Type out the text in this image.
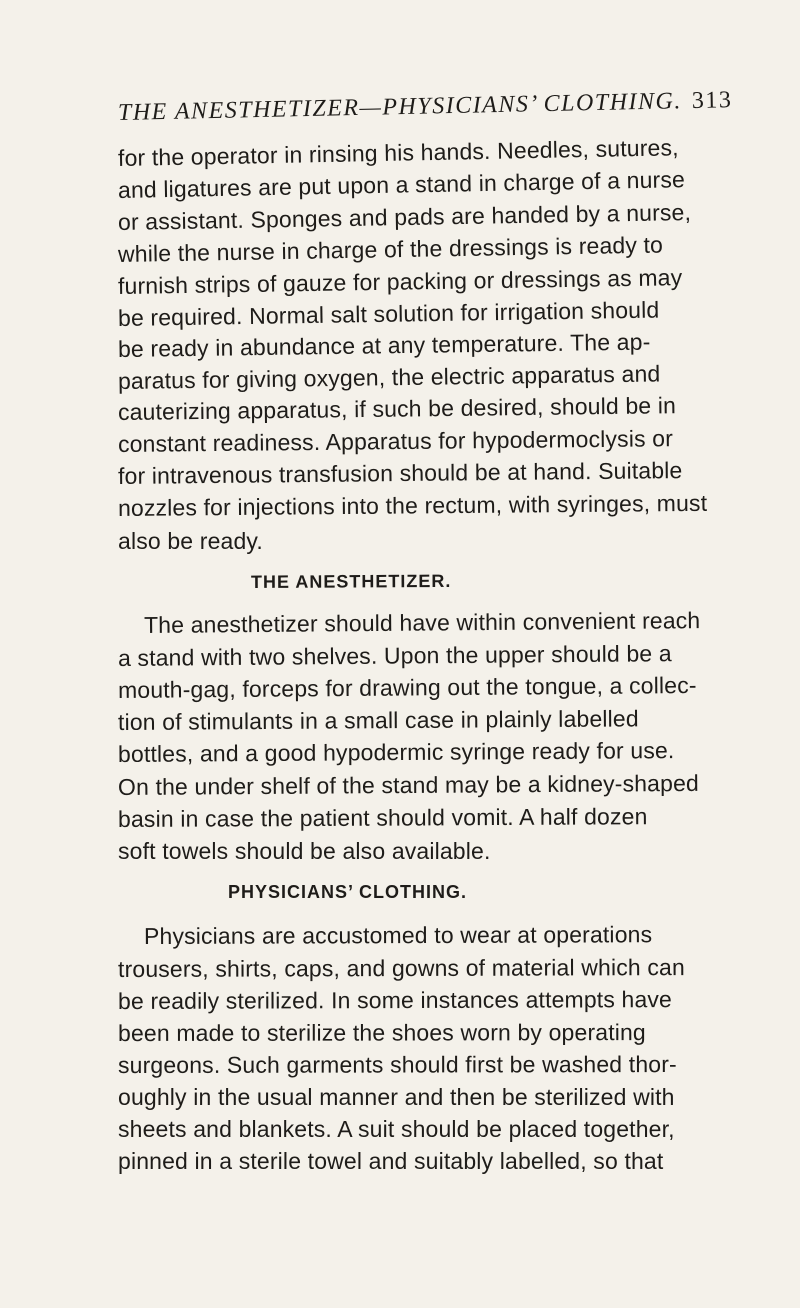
THE ANESTHETIZER—PHYSICIANS’ CLOTHING. 313
for the operator in rinsing his hands. Needles, sutures,
and ligatures are put upon a stand in charge of a nurse
or assistant. Sponges and pads are handed by a nurse,
while the nurse in charge of the dressings is ready to
furnish strips of gauze for packing or dressings as may
be required. Normal salt solution for irrigation should
be ready in abundance at any temperature. The ap-
paratus for giving oxygen, the electric apparatus and
cauterizing apparatus, if such be desired, should be in
constant readiness. Apparatus for hypodermoclysis or
for intravenous transfusion should be at hand. Suitable
nozzles for injections into the rectum, with syringes, must
also be ready.
THE ANESTHETIZER.
The anesthetizer should have within convenient reach
a stand with two shelves. Upon the upper should be a
mouth-gag, forceps for drawing out the tongue, a collec-
tion of stimulants in a small case in plainly labelled
bottles, and a good hypodermic syringe ready for use.
On the under shelf of the stand may be a kidney-shaped
basin in case the patient should vomit. A half dozen
soft towels should be also available.
PHYSICIANS’ CLOTHING.
Physicians are accustomed to wear at operations
trousers, shirts, caps, and gowns of material which can
be readily sterilized. In some instances attempts have
been made to sterilize the shoes worn by operating
surgeons. Such garments should first be washed thor-
oughly in the usual manner and then be sterilized with
sheets and blankets. A suit should be placed together,
pinned in a sterile towel and suitably labelled, so that
